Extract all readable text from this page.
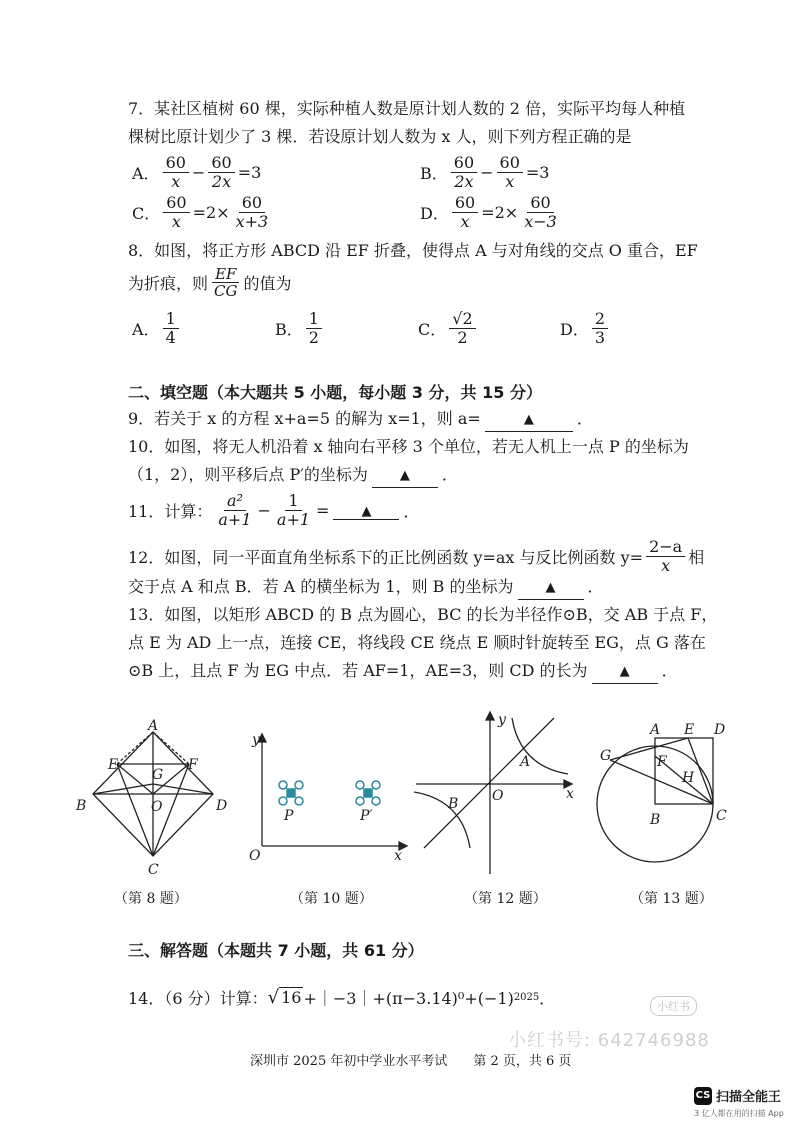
7．某社区植树 60 棵，实际种植人数是原计划人数的 2 倍，实际平均每人种植
棵树比原计划少了 3 棵．若设原计划人数为 x 人，则下列方程正确的是
A． $\frac{60}{x} - \frac{60}{2x} =3$	B． $\frac{60}{2x} - \frac{60}{x} =3$
C． $\frac{60}{x} =2\times \frac{60}{x+3}$	D． $\frac{60}{x} =2\times \frac{60}{x-3}$
8．如图，将正方形 ABCD 沿 EF 折叠，使得点 A 与对角线的交点 O 重合，EF
为折痕，则 $\frac{EF}{CG}$ 的值为
A． $\frac{1}{4}$	B． $\frac{1}{2}$	C． $\frac{√2}{2}$	D． $\frac{2}{3}$
二、填空题（本大题共 5 小题，每小题 3 分，共 15 分）
9．若关于 x 的方程 x+a=5 的解为 x=1，则 a=	▲	．
10．如图，将无人机沿着 x 轴向右平移 3 个单位，若无人机上一点 P 的坐标为
（1，2），则平移后点 P′的坐标为 ▲ ．
11．计算： $\frac{\text{a²}}{a+1} - \frac{1}{a+1}$ =	▲	．
12．如图，同一平面直角坐标系下的正比例函数 y=ax 与反比例函数 $y= \frac{2-a}{x}$ 相
交于点 A 和点 B．若 A 的横坐标为 1，则 B 的坐标为 ▲ ．
13．如图，以矩形 ABCD 的 B 点为圆心，BC 的长为半径作⊙B，交 AB 于点 F，
点 E 为 AD 上一点，连接 CE，将线段 CE 绕点 E 顺时针旋转至 EG，点 G 落在
⊙B 上，且点 F 为 EG 中点．若 AF=1，AE=3，则 CD 的长为 ▲ ．
A
B
C
D
E	F
G
O
（第 8 题）
y
x
O
P	P′
（第 10 题）
y
x
O
A
B
（第 12 题）
A E D
G	F
H
B	C
（第 13 题）
三、解答题（本题共 7 小题，共 61 分）
14．（6 分）计算： √ 16 +｜−3｜+(π−3.14)⁰+(−1) 2025 ．	小红书
小红书号: 642746988
深圳市 2025 年初中学业水平考试　　第 2 页，共 6 页
CS 扫描全能王
3 亿人都在用的扫描 App
